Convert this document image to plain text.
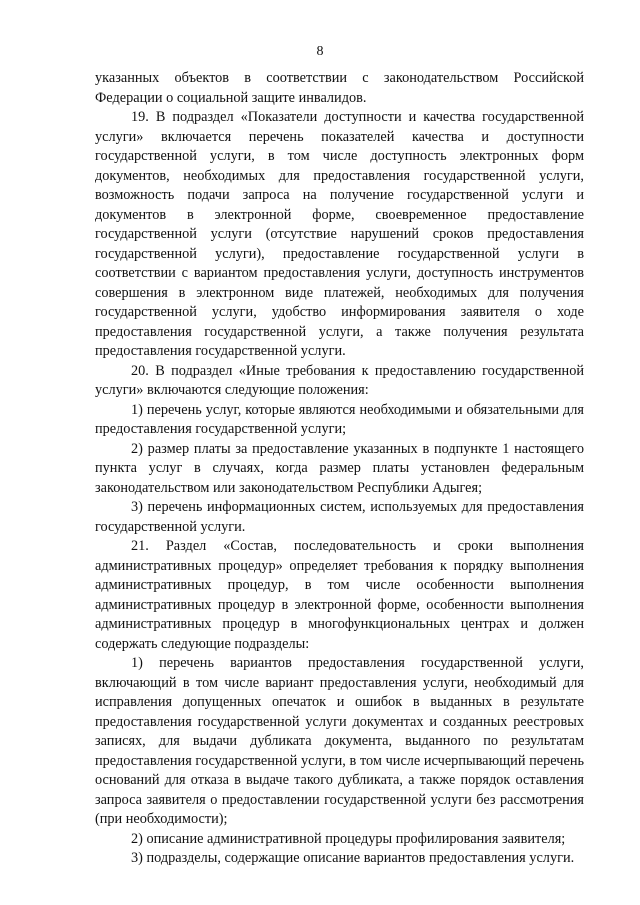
8

указанных объектов в соответствии с законодательством Российской Федерации о социальной защите инвалидов.

19. В подраздел «Показатели доступности и качества государственной услуги» включается перечень показателей качества и доступности государственной услуги, в том числе доступность электронных форм документов, необходимых для предоставления государственной услуги, возможность подачи запроса на получение государственной услуги и документов в электронной форме, своевременное предоставление государственной услуги (отсутствие нарушений сроков предоставления государственной услуги), предоставление государственной услуги в соответствии с вариантом предоставления услуги, доступность инструментов совершения в электронном виде платежей, необходимых для получения государственной услуги, удобство информирования заявителя о ходе предоставления государственной услуги, а также получения результата предоставления государственной услуги.

20. В подраздел «Иные требования к предоставлению государственной услуги» включаются следующие положения:

1) перечень услуг, которые являются необходимыми и обязательными для предоставления государственной услуги;

2) размер платы за предоставление указанных в подпункте 1 настоящего пункта услуг в случаях, когда размер платы установлен федеральным законодательством или законодательством Республики Адыгея;

3) перечень информационных систем, используемых для предоставления государственной услуги.

21. Раздел «Состав, последовательность и сроки выполнения административных процедур» определяет требования к порядку выполнения административных процедур, в том числе особенности выполнения административных процедур в электронной форме, особенности выполнения административных процедур в многофункциональных центрах и должен содержать следующие подразделы:

1) перечень вариантов предоставления государственной услуги, включающий в том числе вариант предоставления услуги, необходимый для исправления допущенных опечаток и ошибок в выданных в результате предоставления государственной услуги документах и созданных реестровых записях, для выдачи дубликата документа, выданного по результатам предоставления государственной услуги, в том числе исчерпывающий перечень оснований для отказа в выдаче такого дубликата, а также порядок оставления запроса заявителя о предоставлении государственной услуги без рассмотрения (при необходимости);

2) описание административной процедуры профилирования заявителя;

3) подразделы, содержащие описание вариантов предоставления услуги.
